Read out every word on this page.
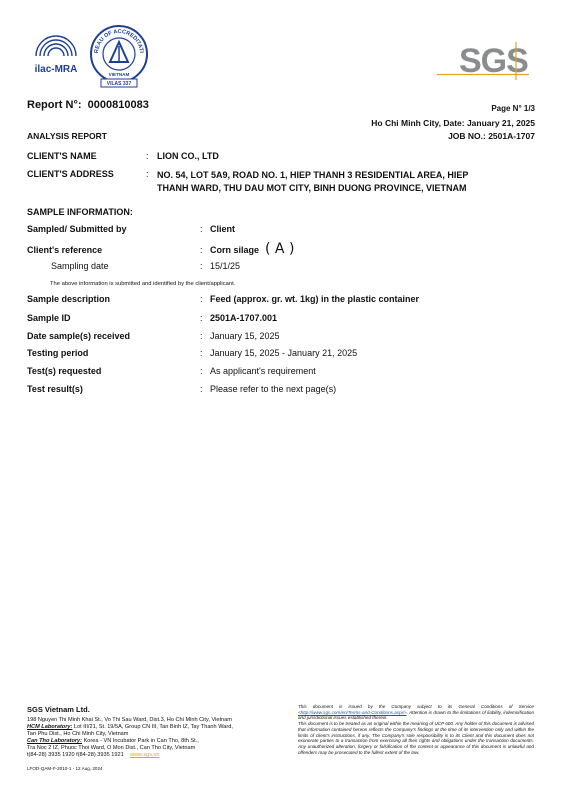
ilac-MRA
REAU OF ACCREDITATI
VIETNAM
VILAS 337
SGS
Report N°: 0000810083	Page N° 1/3
Ho Chi Minh City, Date: January 21, 2025
JOB NO.: 2501A-1707
ANALYSIS REPORT
CLIENT'S NAME	: LION CO., LTD
CLIENT'S ADDRESS	: NO. 54, LOT 5A9, ROAD NO. 1, HIEP THANH 3 RESIDENTIAL AREA, HIEP
THANH WARD, THU DAU MOT CITY, BINH DUONG PROVINCE, VIETNAM
SAMPLE INFORMATION:
Sampled/ Submitted by	: Client
Client's reference	: Corn silage ( A )
Sampling date	: 15/1/25
The above information is submitted and identified by the client/applicant.
Sample description	: Feed (approx. gr. wt. 1kg) in the plastic container
Sample ID	: 2501A-1707.001
Date sample(s) received	: January 15, 2025
Testing period	: January 15, 2025 - January 21, 2025
Test(s) requested	: As applicant's requirement
Test result(s)	: Please refer to the next page(s)
SGS Vietnam Ltd.
198 Nguyen Thi Minh Khai St., Vo Thi Sau Ward, Dist.3, Ho Chi Minh City, Vietnam
HCM Laboratory: Lot III/21, St. 19/5A, Group CN III, Tan Binh IZ, Tay Thanh Ward,
Tan Phu Dist., Ho Chi Minh City, Vietnam
Can Tho Laboratory: Korea - VN Incubator Park in Can Tho, 8th St.,
Tra Noc 2 IZ, Phuoc Thoi Ward, O Mon Dist., Can Tho City, Vietnam
t(84-28) 3935 1920 f(84-28) 3935 1921 www.sgs.vn
LFOD-QAM-F-2010-1 - 12 Aug, 2024
This document is issued by the Company subject to its General Conditions of Service <http://www.sgs.com/en/Terms-and-Conditions.aspx>. Attention is drawn to the limitations of liability, indemnification and jurisdictional issues established therein.
This document is to be treated as an original within the meaning of UCP 600. Any holder of this document is advised that information contained hereon reflects the Company's findings at the time of its intervention only and within the limits of client's instructions, if any. The Company's sole responsibility is to its Client and this document does not exonerate parties to a transaction from exercising all their rights and obligations under the transaction documents. Any unauthorized alteration, forgery or falsification of the content or appearance of this document is unlawful and offenders may be prosecuted to the fullest extent of the law.
